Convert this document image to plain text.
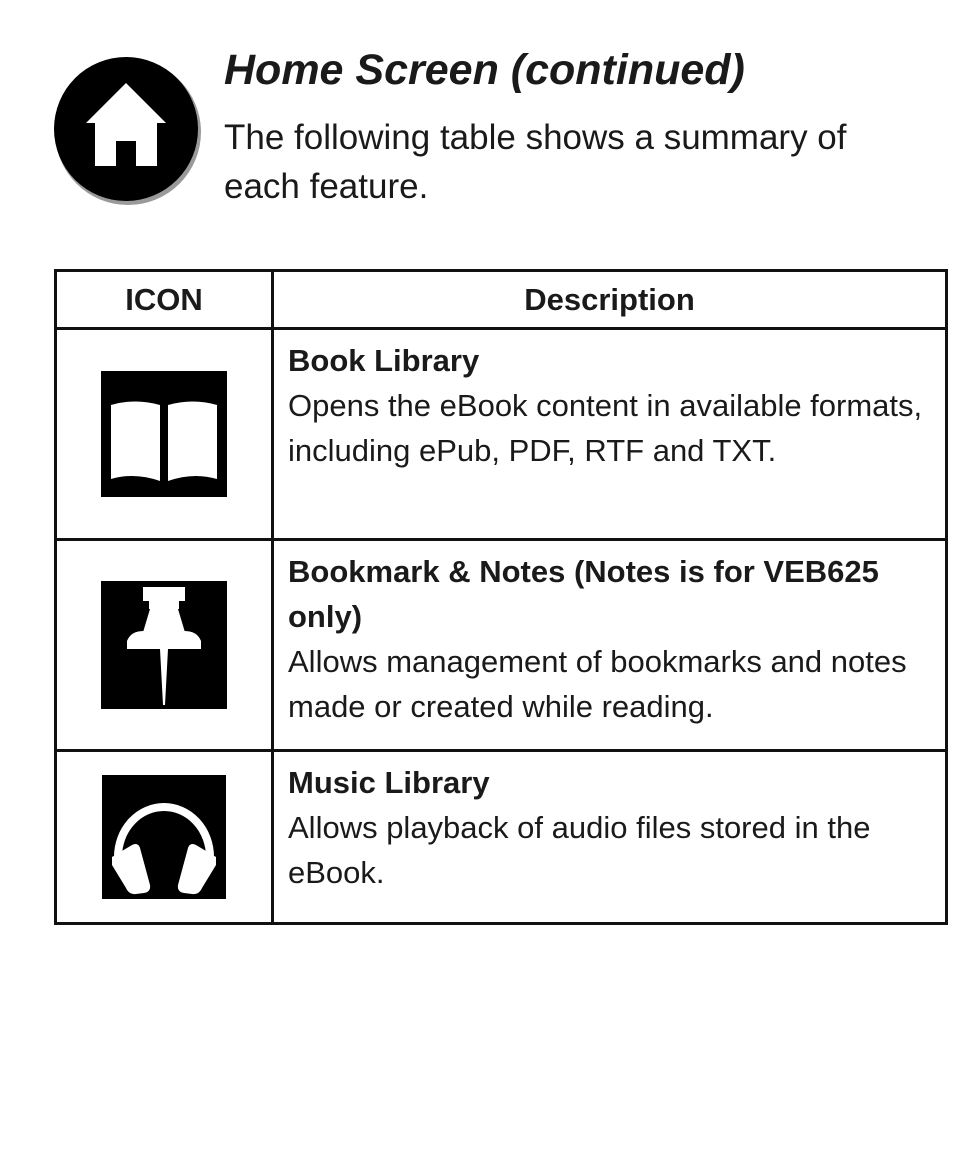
Home Screen (continued)

The following table shows a summary of each feature.

ICON	Description

Book Library
Opens the eBook content in available formats, including ePub, PDF, RTF and TXT.

Bookmark & Notes (Notes is for VEB625 only)
Allows management of bookmarks and notes made or created while reading.

Music Library
Allows playback of audio files stored in the eBook.
